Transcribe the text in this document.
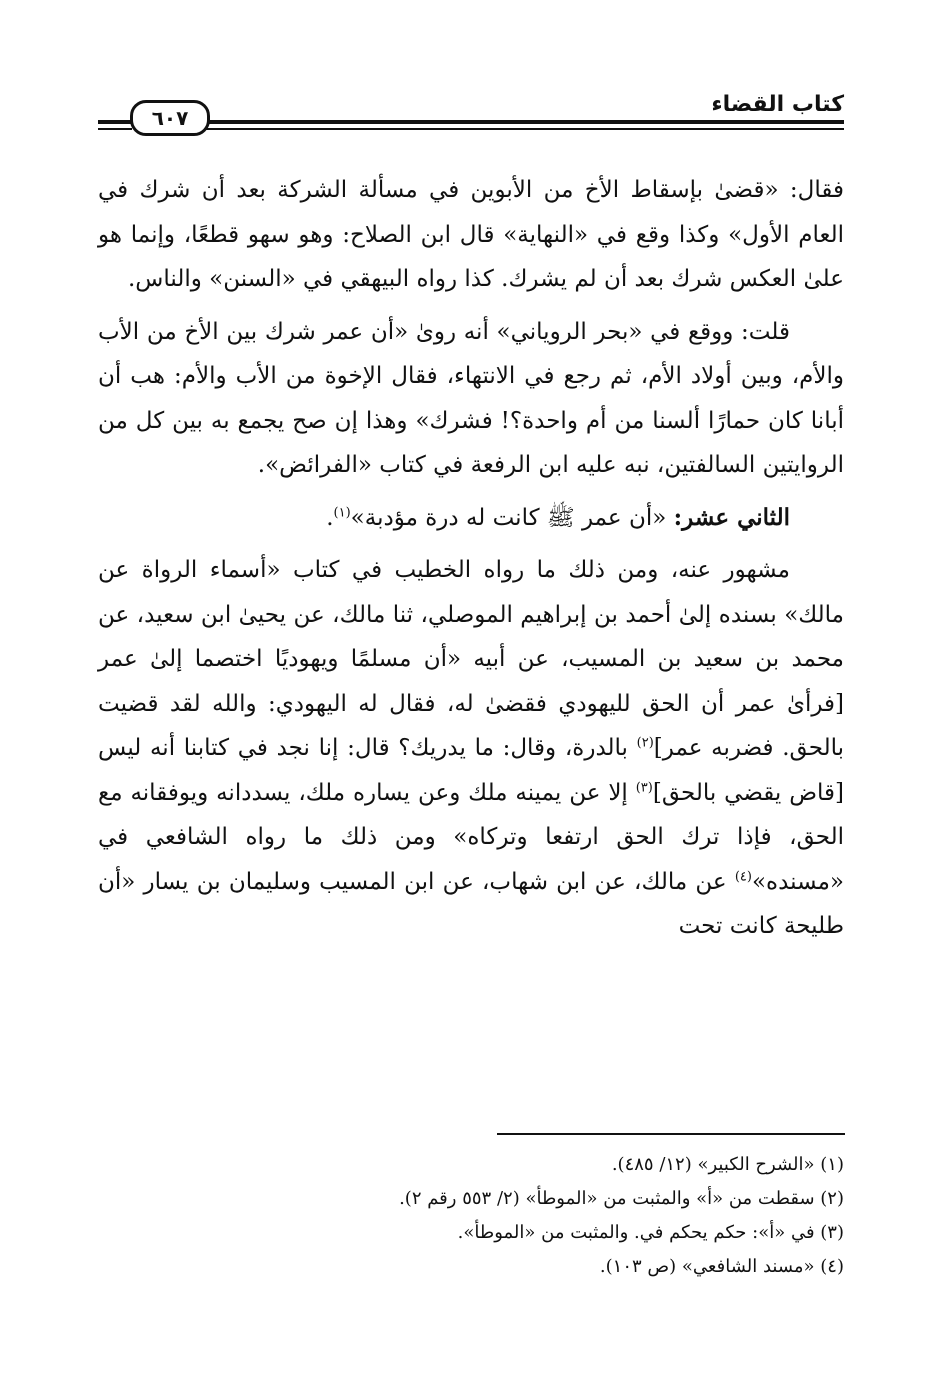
٦٠٧
كتاب القضاء

فقال: «قضىٰ بإسقاط الأخ من الأبوين في مسألة الشركة بعد أن شرك في العام الأول» وكذا وقع في «النهاية» قال ابن الصلاح: وهو سهو قطعًا، وإنما هو علىٰ العكس شرك بعد أن لم يشرك. كذا رواه البيهقي في «السنن» والناس.

قلت: ووقع في «بحر الروياني» أنه روىٰ «أن عمر شرك بين الأخ من الأب والأم، وبين أولاد الأم، ثم رجع في الانتهاء، فقال الإخوة من الأب والأم: هب أن أبانا كان حمارًا ألسنا من أم واحدة؟! فشرك» وهذا إن صح يجمع به بين كل من الروايتين السالفتين، نبه عليه ابن الرفعة في كتاب «الفرائض».

الثاني عشر: «أن عمر ﷺ كانت له درة مؤدبة»$^{(١)}$.

مشهور عنه، ومن ذلك ما رواه الخطيب في كتاب «أسماء الرواة عن مالك» بسنده إلىٰ أحمد بن إبراهيم الموصلي، ثنا مالك، عن يحيىٰ ابن سعيد، عن محمد بن سعيد بن المسيب، عن أبيه «أن مسلمًا ويهوديًا اختصما إلىٰ عمر [فرأىٰ عمر أن الحق لليهودي فقضىٰ له، فقال له اليهودي: والله لقد قضيت بالحق. فضربه عمر]$^{(٢)}$ بالدرة، وقال: ما يدريك؟ قال: إنا نجد في كتابنا أنه ليس [قاض يقضي بالحق]$^{(٣)}$ إلا عن يمينه ملك وعن يساره ملك، يسددانه ويوفقانه مع الحق، فإذا ترك الحق ارتفعا وتركاه» ومن ذلك ما رواه الشافعي في «مسنده»$^{(٤)}$ عن مالك، عن ابن شهاب، عن ابن المسيب وسليمان بن يسار «أن طليحة كانت تحت

(١) «الشرح الكبير» (١٢/ ٤٨٥).
(٢) سقطت من «أ» والمثبت من «الموطأ» (٢/ ٥٥٣ رقم ٢).
(٣) في «أ»: حكم يحكم في. والمثبت من «الموطأ».
(٤) «مسند الشافعي» (ص ١٠٣).
